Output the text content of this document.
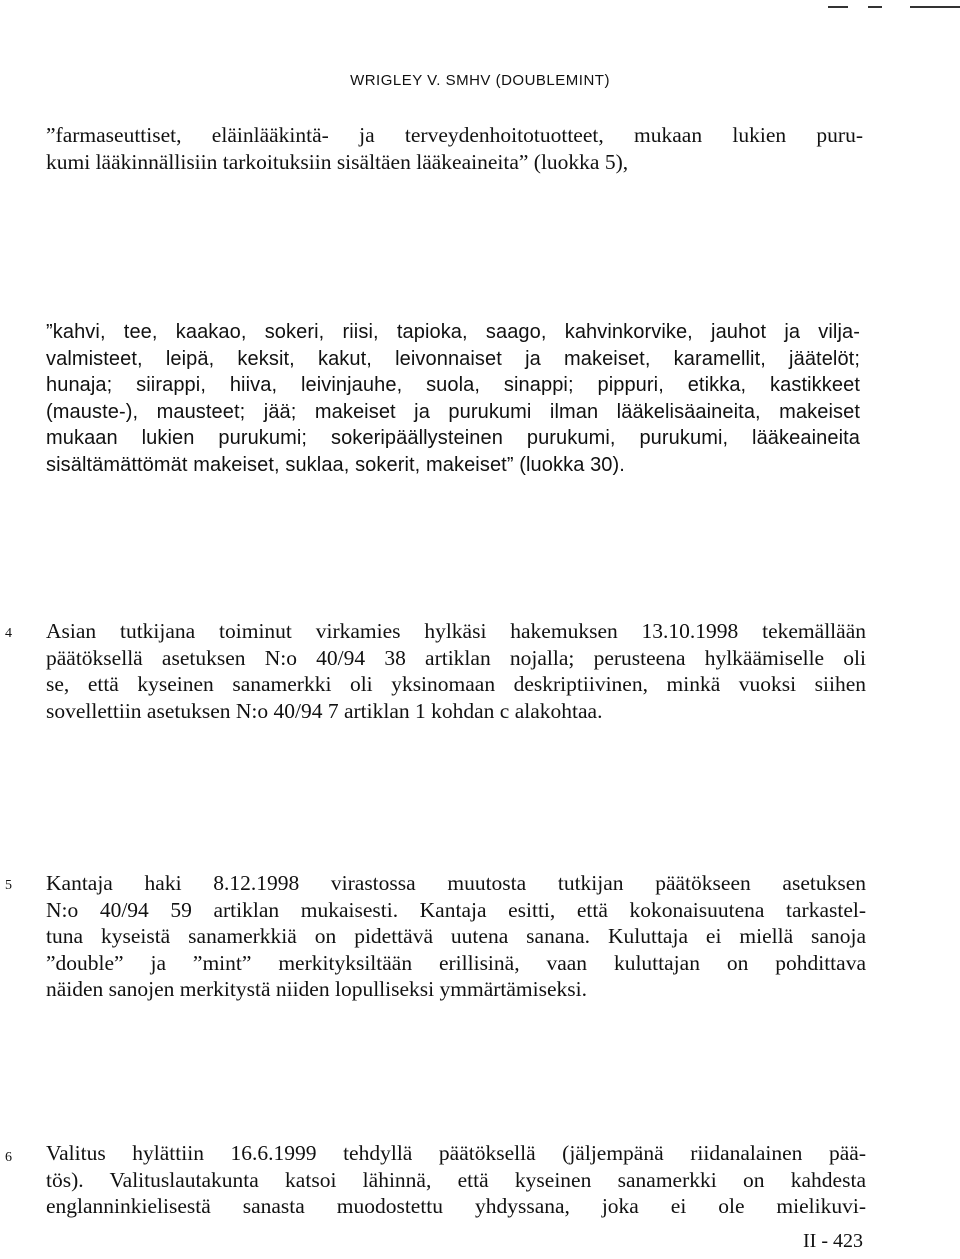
WRIGLEY V. SMHV (DOUBLEMINT)
”farmaseuttiset, eläinlääkintä- ja terveydenhoitotuotteet, mukaan lukien puru-
kumi lääkinnällisiin tarkoituksiin sisältäen lääkeaineita” (luokka 5),
”kahvi, tee, kaakao, sokeri, riisi, tapioka, saago, kahvinkorvike, jauhot ja vilja-
valmisteet, leipä, keksit, kakut, leivonnaiset ja makeiset, karamellit, jäätelöt;
hunaja; siirappi, hiiva, leivinjauhe, suola, sinappi; pippuri, etikka, kastikkeet
(mauste-), mausteet; jää; makeiset ja purukumi ilman lääkelisäaineita, makeiset
mukaan lukien purukumi; sokeripäällysteinen purukumi, purukumi, lääkeaineita
sisältämättömät makeiset, suklaa, sokerit, makeiset” (luokka 30).
4 Asian tutkijana toiminut virkamies hylkäsi hakemuksen 13.10.1998 tekemällään
päätöksellä asetuksen N:o 40/94 38 artiklan nojalla; perusteena hylkäämiselle oli
se, että kyseinen sanamerkki oli yksinomaan deskriptiivinen, minkä vuoksi siihen
sovellettiin asetuksen N:o 40/94 7 artiklan 1 kohdan c alakohtaa.
5 Kantaja haki 8.12.1998 virastossa muutosta tutkijan päätökseen asetuksen
N:o 40/94 59 artiklan mukaisesti. Kantaja esitti, että kokonaisuutena tarkastel-
tuna kyseistä sanamerkkiä on pidettävä uutena sanana. Kuluttaja ei miellä sanoja
”double” ja ”mint” merkityksiltään erillisinä, vaan kuluttajan on pohdittava
näiden sanojen merkitystä niiden lopulliseksi ymmärtämiseksi.
6 Valitus hylättiin 16.6.1999 tehdyllä päätöksellä (jäljempänä riidanalainen pää-
tös). Valituslautakunta katsoi lähinnä, että kyseinen sanamerkki on kahdesta
englanninkielisestä sanasta muodostettu yhdyssana, joka ei ole mielikuvi-
II - 423
